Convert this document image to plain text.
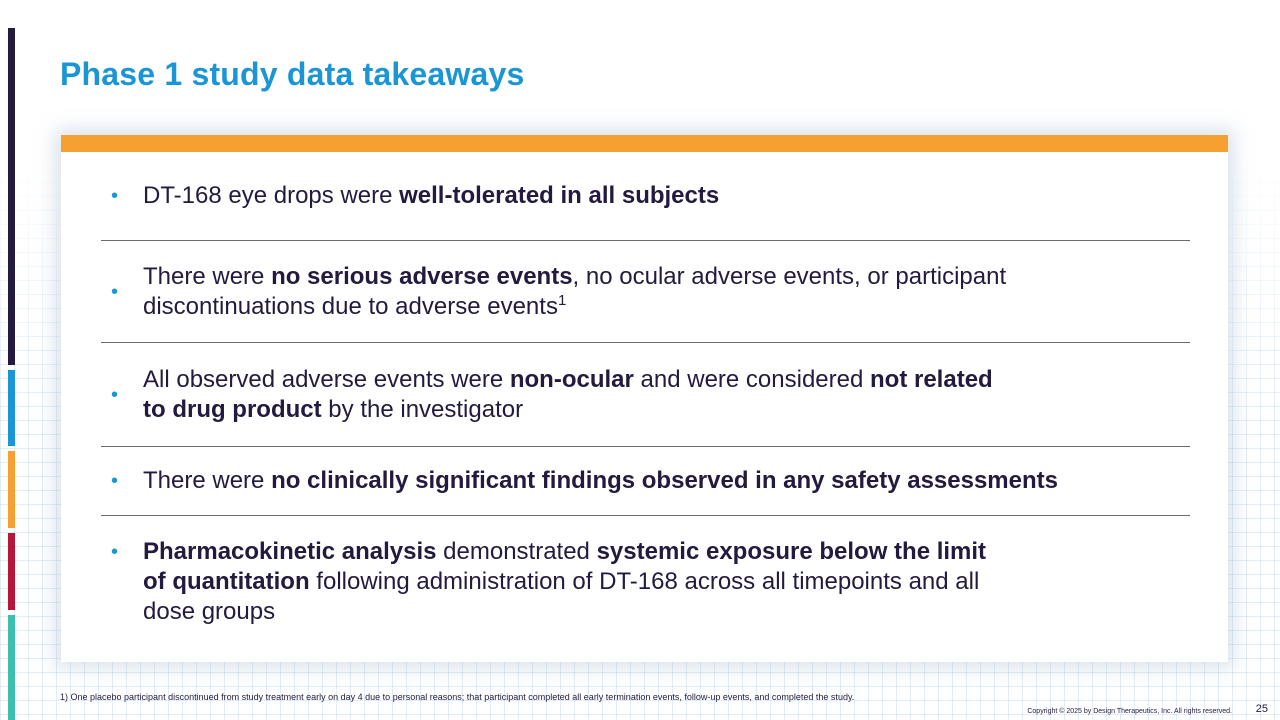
Phase 1 study data takeaways
• DT-168 eye drops were well-tolerated in all subjects
•
There were no serious adverse events, no ocular adverse events, or participant
discontinuations due to adverse events$^1$
•
All observed adverse events were non-ocular and were considered not related
to drug product by the investigator
• There were no clinically significant findings observed in any safety assessments
• Pharmacokinetic analysis demonstrated systemic exposure below the limit
of quantitation following administration of DT-168 across all timepoints and all
dose groups
1) One placebo participant discontinued from study treatment early on day 4 due to personal reasons; that participant completed all early termination events, follow-up events, and completed the study.
Copyright © 2025 by Design Therapeutics, Inc. All rights reserved. 25
